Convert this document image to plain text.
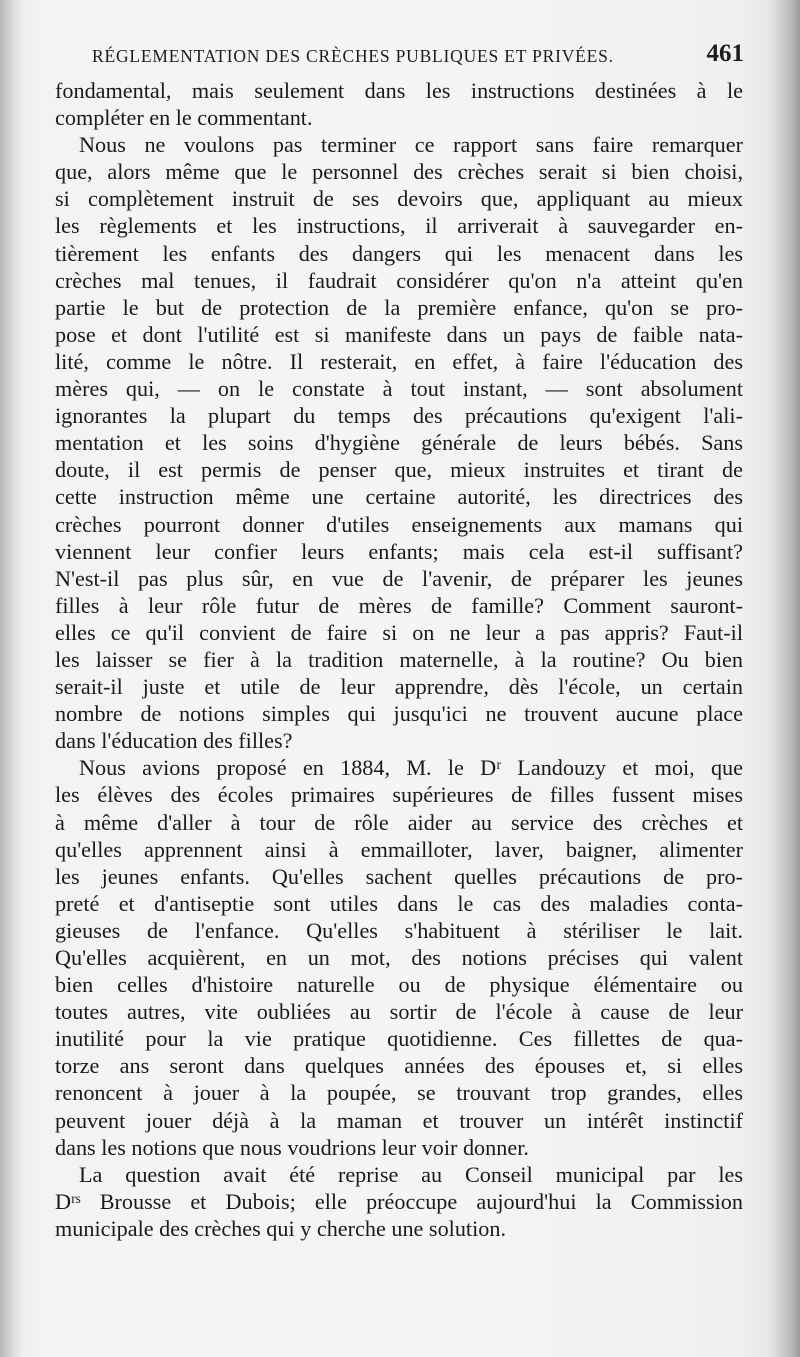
RÉGLEMENTATION DES CRÈCHES PUBLIQUES ET PRIVÉES.	461
fondamental, mais seulement dans les instructions destinées à le
compléter en le commentant.
Nous ne voulons pas terminer ce rapport sans faire remarquer
que, alors même que le personnel des crèches serait si bien choisi,
si complètement instruit de ses devoirs que, appliquant au mieux
les règlements et les instructions, il arriverait à sauvegarder en-
tièrement les enfants des dangers qui les menacent dans les
crèches mal tenues, il faudrait considérer qu'on n'a atteint qu'en
partie le but de protection de la première enfance, qu'on se pro-
pose et dont l'utilité est si manifeste dans un pays de faible nata-
lité, comme le nôtre. Il resterait, en effet, à faire l'éducation des
mères qui, — on le constate à tout instant, — sont absolument
ignorantes la plupart du temps des précautions qu'exigent l'ali-
mentation et les soins d'hygiène générale de leurs bébés. Sans
doute, il est permis de penser que, mieux instruites et tirant de
cette instruction même une certaine autorité, les directrices des
crèches pourront donner d'utiles enseignements aux mamans qui
viennent leur confier leurs enfants; mais cela est-il suffisant?
N'est-il pas plus sûr, en vue de l'avenir, de préparer les jeunes
filles à leur rôle futur de mères de famille? Comment sauront-
elles ce qu'il convient de faire si on ne leur a pas appris? Faut-il
les laisser se fier à la tradition maternelle, à la routine? Ou bien
serait-il juste et utile de leur apprendre, dès l'école, un certain
nombre de notions simples qui jusqu'ici ne trouvent aucune place
dans l'éducation des filles?
Nous avions proposé en 1884, M. le Dʳ Landouzy et moi, que
les élèves des écoles primaires supérieures de filles fussent mises
à même d'aller à tour de rôle aider au service des crèches et
qu'elles apprennent ainsi à emmailloter, laver, baigner, alimenter
les jeunes enfants. Qu'elles sachent quelles précautions de pro-
preté et d'antiseptie sont utiles dans le cas des maladies conta-
gieuses de l'enfance. Qu'elles s'habituent à stériliser le lait.
Qu'elles acquièrent, en un mot, des notions précises qui valent
bien celles d'histoire naturelle ou de physique élémentaire ou
toutes autres, vite oubliées au sortir de l'école à cause de leur
inutilité pour la vie pratique quotidienne. Ces fillettes de qua-
torze ans seront dans quelques années des épouses et, si elles
renoncent à jouer à la poupée, se trouvant trop grandes, elles
peuvent jouer déjà à la maman et trouver un intérêt instinctif
dans les notions que nous voudrions leur voir donner.
La question avait été reprise au Conseil municipal par les
Dʳˢ Brousse et Dubois; elle préoccupe aujourd'hui la Commission
municipale des crèches qui y cherche une solution.
